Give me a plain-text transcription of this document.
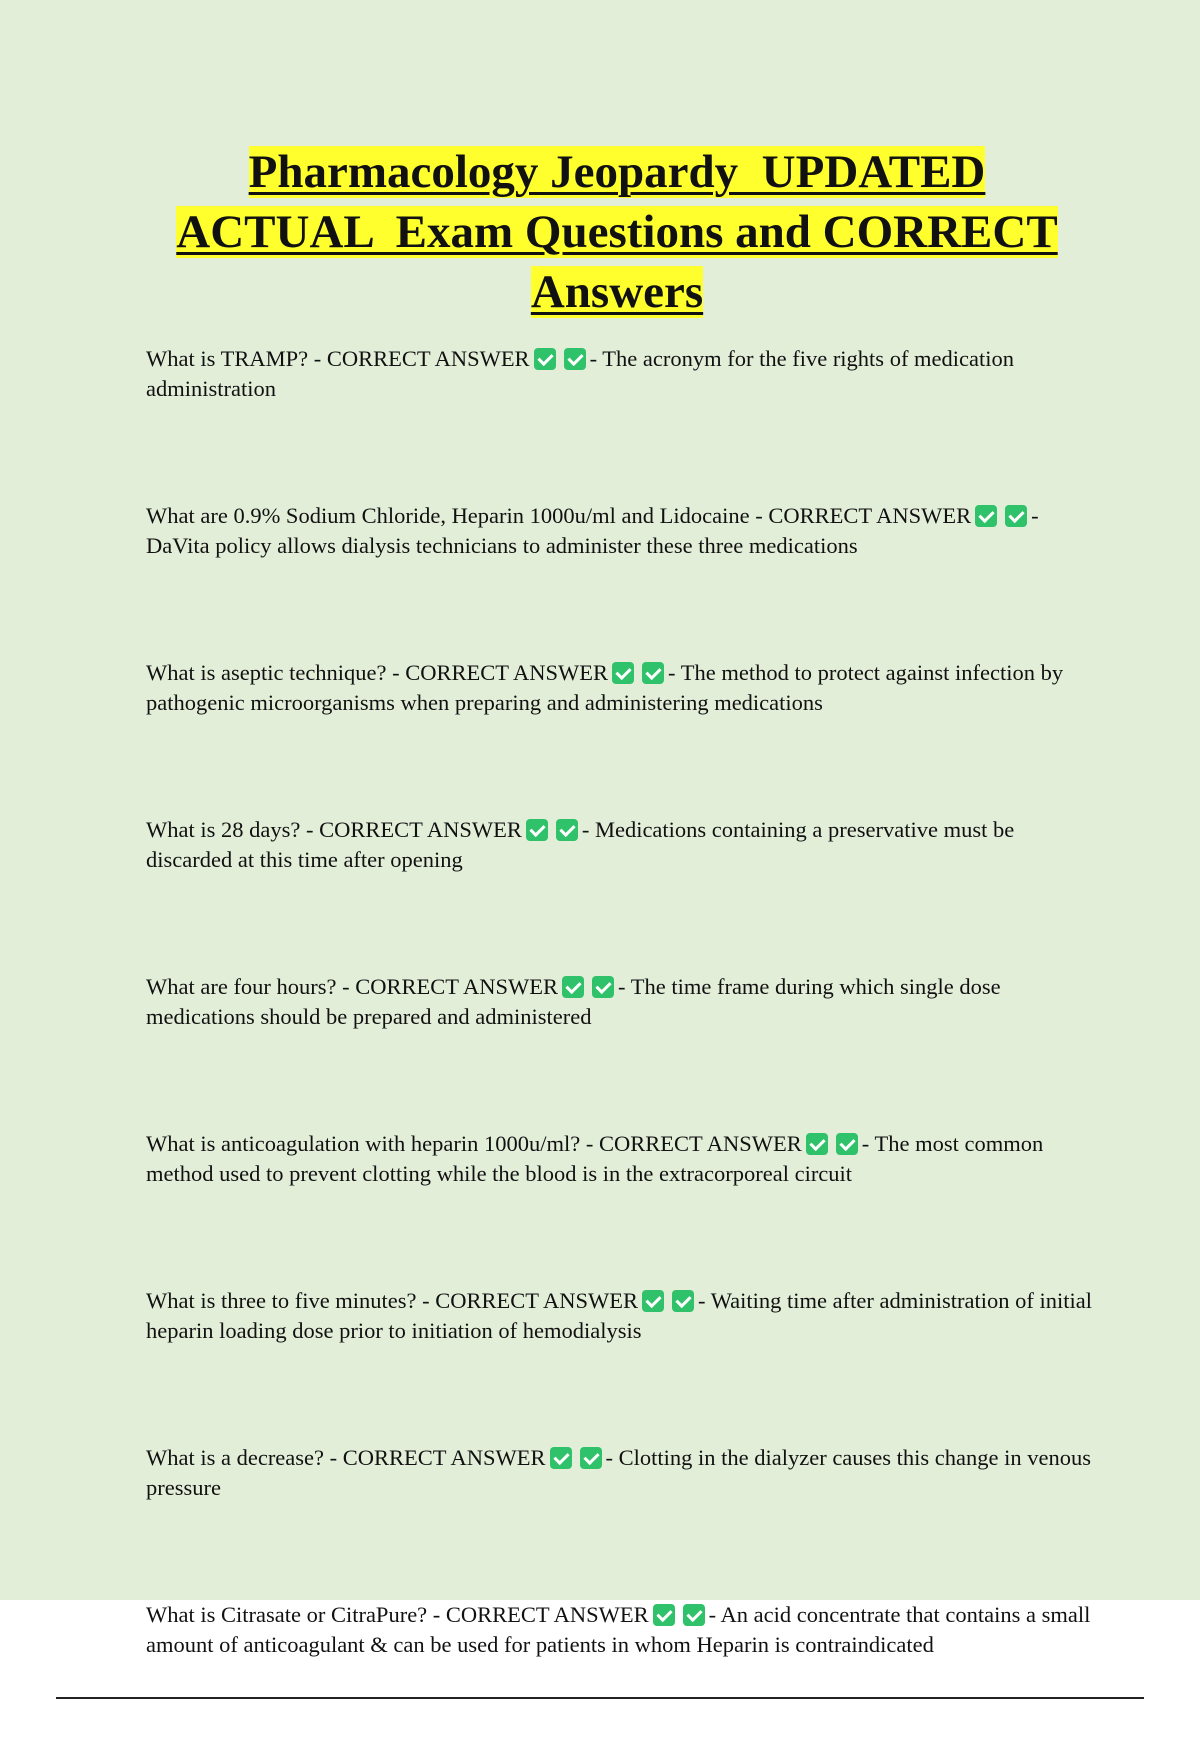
Pharmacology Jeopardy  UPDATED
ACTUAL  Exam Questions and CORRECT
Answers

What is TRAMP? - CORRECT ANSWER	- The acronym for the five rights of medication administration

What are 0.9% Sodium Chloride, Heparin 1000u/ml and Lidocaine - CORRECT ANSWER	- DaVita policy allows dialysis technicians to administer these three medications

What is aseptic technique? - CORRECT ANSWER	- The method to protect against infection by pathogenic microorganisms when preparing and administering medications

What is 28 days? - CORRECT ANSWER	- Medications containing a preservative must be discarded at this time after opening

What are four hours? - CORRECT ANSWER	- The time frame during which single dose medications should be prepared and administered

What is anticoagulation with heparin 1000u/ml? - CORRECT ANSWER	- The most common method used to prevent clotting while the blood is in the extracorporeal circuit

What is three to five minutes? - CORRECT ANSWER	- Waiting time after administration of initial heparin loading dose prior to initiation of hemodialysis

What is a decrease? - CORRECT ANSWER	- Clotting in the dialyzer causes this change in venous pressure

What is Citrasate or CitraPure? - CORRECT ANSWER	- An acid concentrate that contains a small amount of anticoagulant & can be used for patients in whom Heparin is contraindicated
